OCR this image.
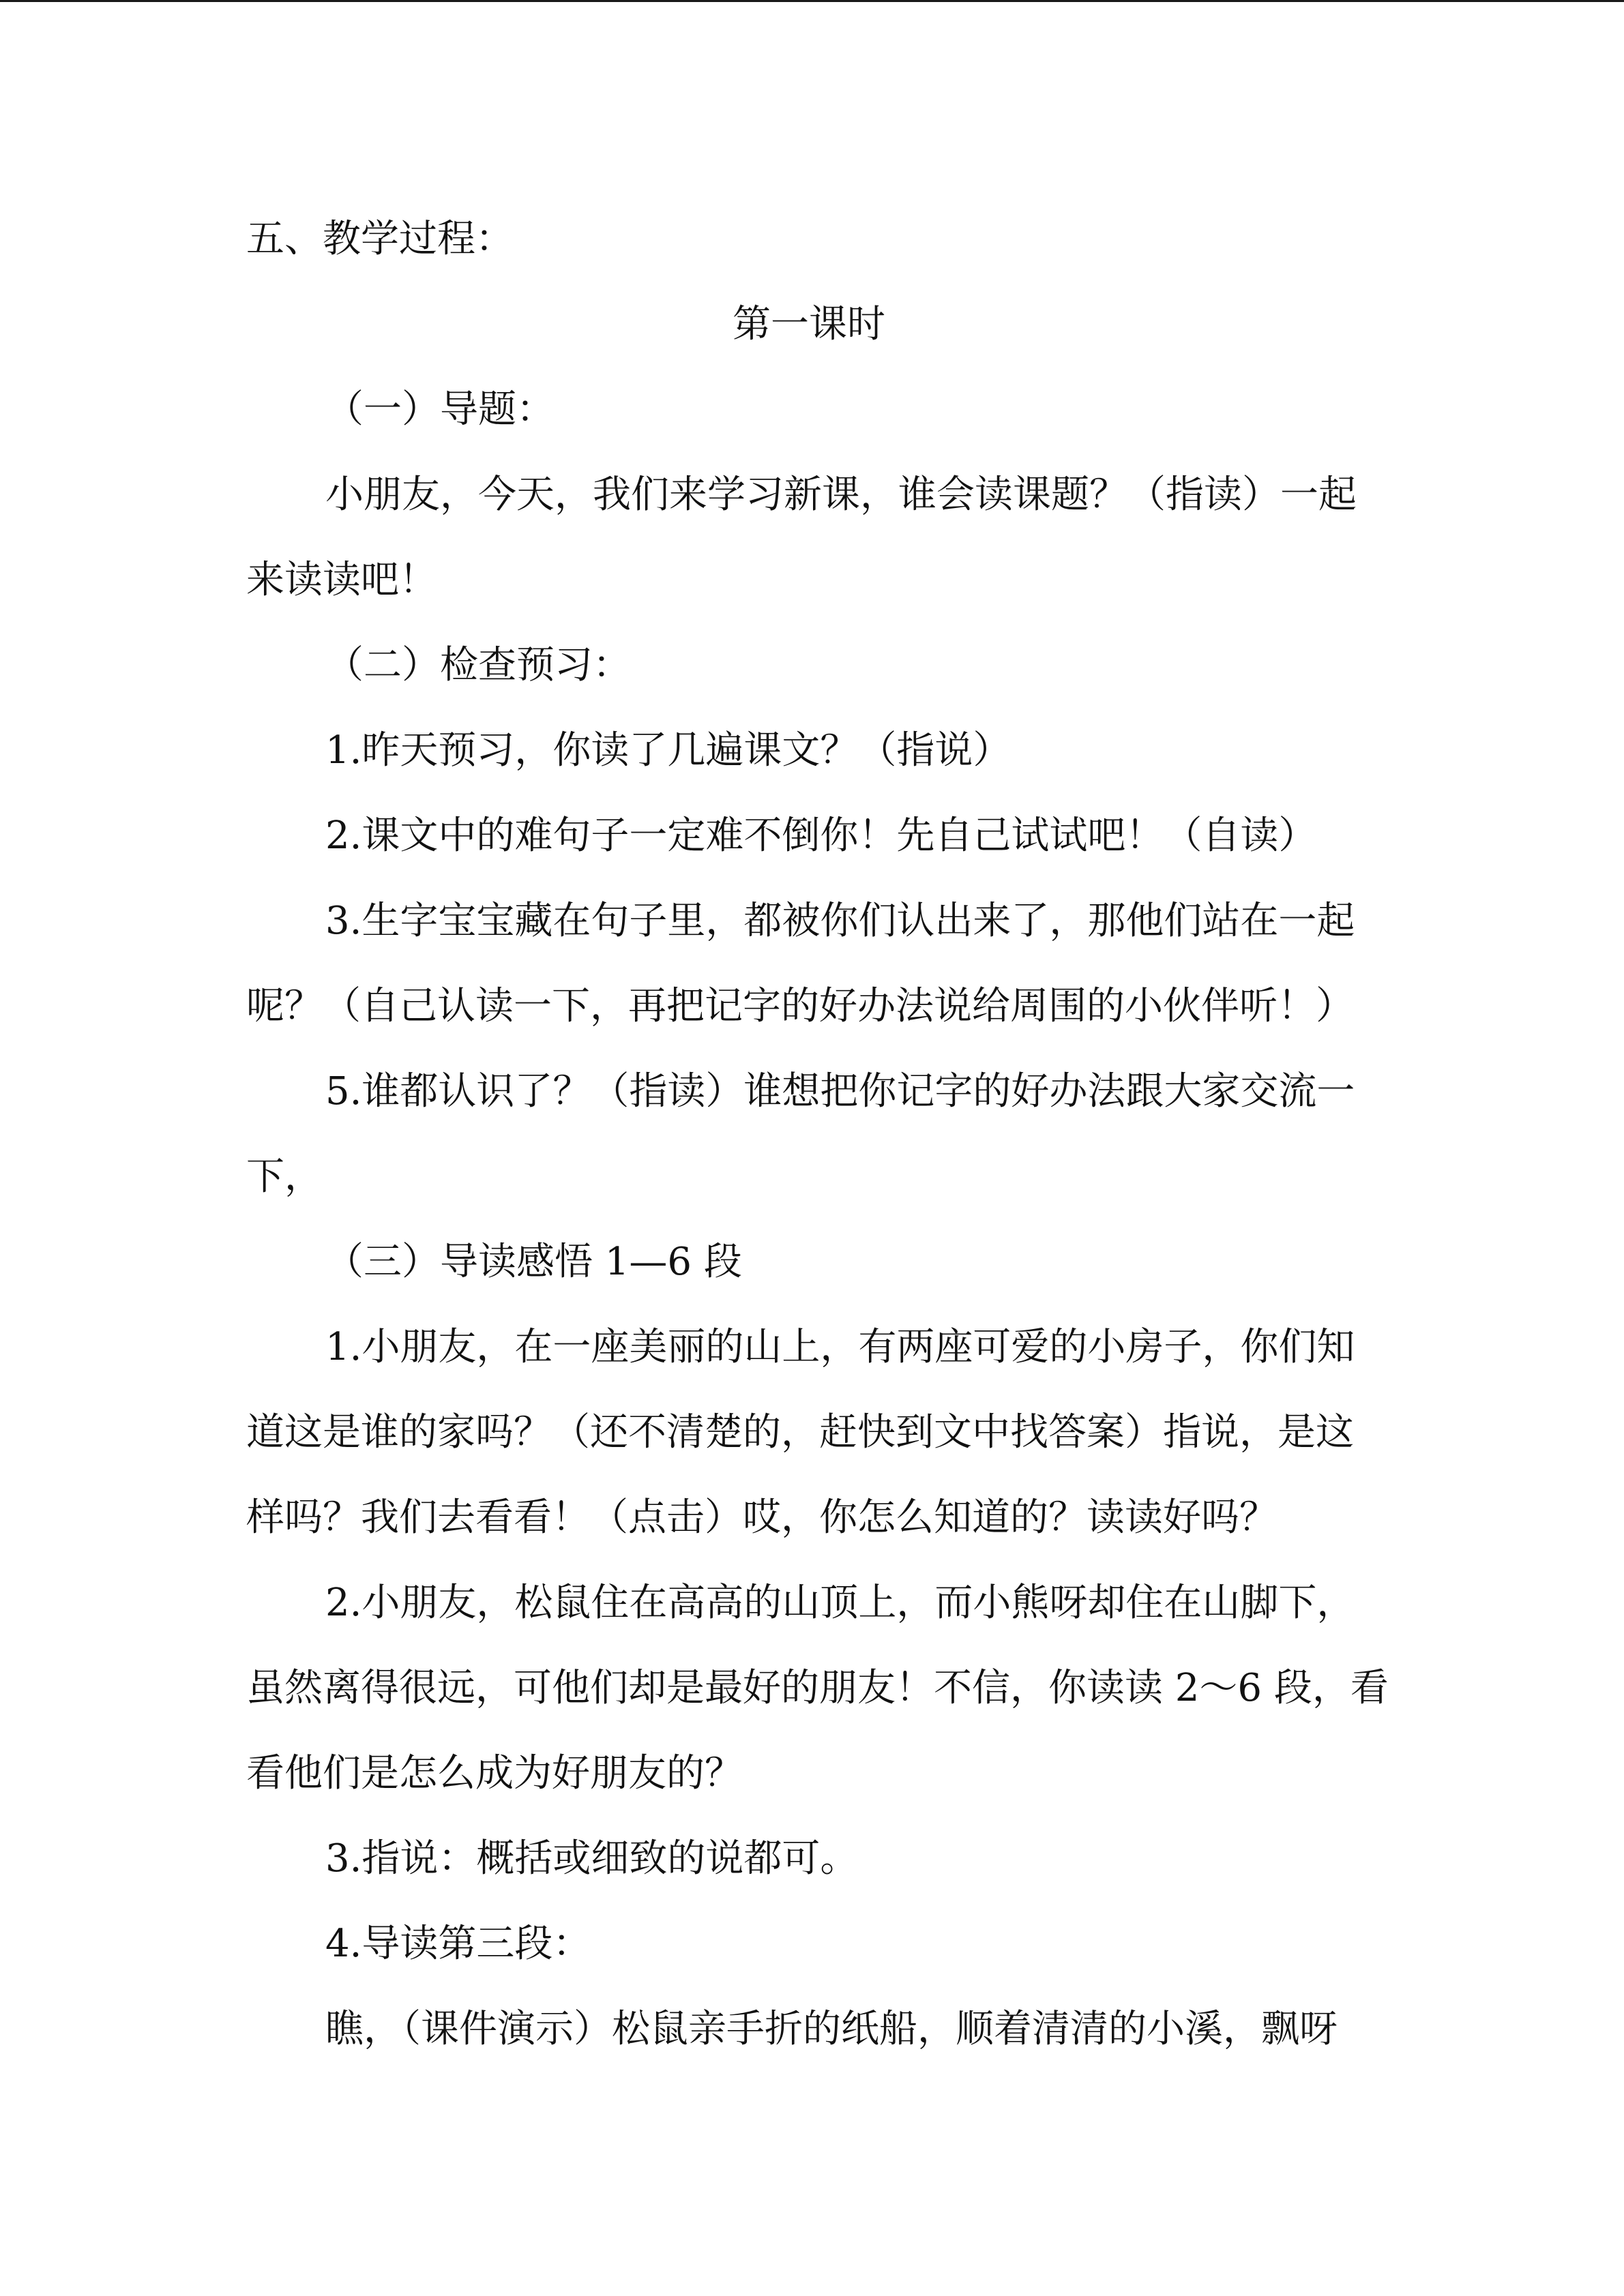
五、教学过程：
第一课时
（一）导题：
小朋友，今天，我们来学习新课，谁会读课题？（指读）一起
来读读吧！
（二）检查预习：
1.昨天预习，你读了几遍课文？（指说）
2.课文中的难句子一定难不倒你！先自己试试吧！（自读）
3.生字宝宝藏在句子里，都被你们认出来了，那他们站在一起
呢？（自己认读一下，再把记字的好办法说给周围的小伙伴听！）
5.谁都认识了？（指读）谁想把你记字的好办法跟大家交流一
下，
（三）导读感悟 1—6 段
1.小朋友，在一座美丽的山上，有两座可爱的小房子，你们知
道这是谁的家吗？（还不清楚的，赶快到文中找答案）指说，是这
样吗？我们去看看！（点击）哎，你怎么知道的？读读好吗？
2.小朋友，松鼠住在高高的山顶上，而小熊呀却住在山脚下，
虽然离得很远，可他们却是最好的朋友！不信，你读读 2～6 段，看
看他们是怎么成为好朋友的？
3.指说：概括或细致的说都可。
4.导读第三段：
瞧，（课件演示）松鼠亲手折的纸船，顺着清清的小溪，飘呀
